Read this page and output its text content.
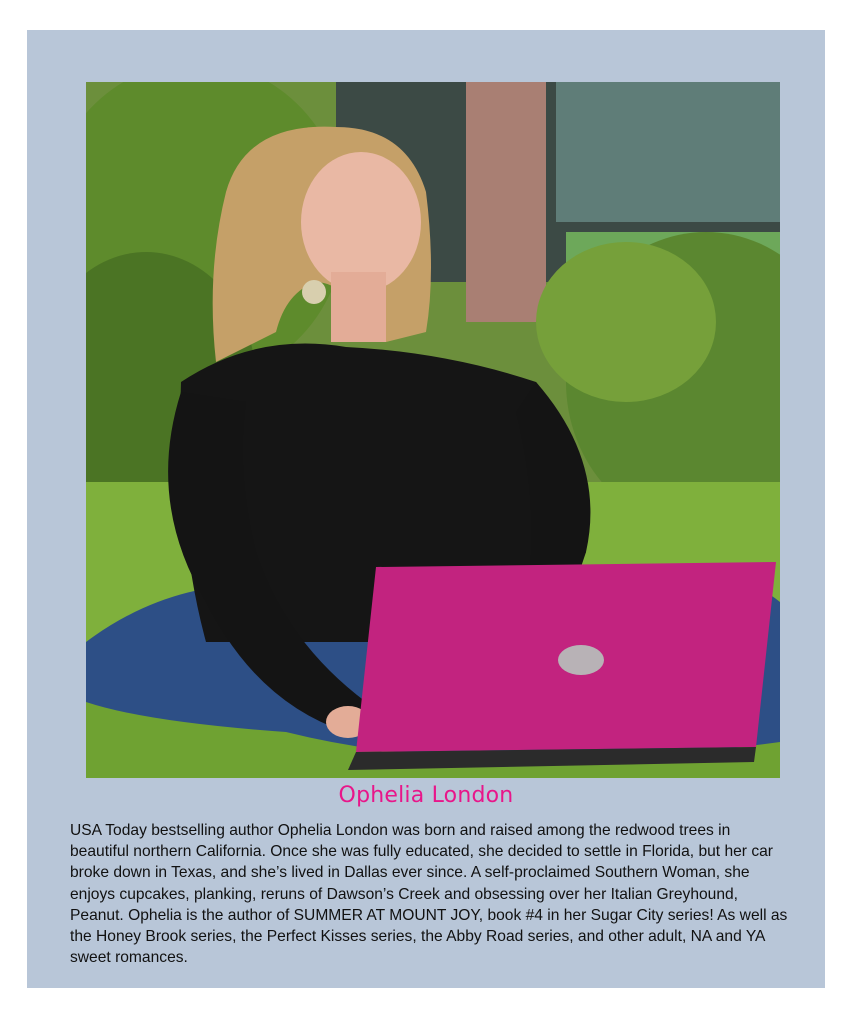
Ophelia London

USA Today bestselling author Ophelia London was born and raised among the redwood trees in beautiful northern California. Once she was fully educated, she decided to settle in Florida, but her car broke down in Texas, and she’s lived in Dallas ever since. A self-proclaimed Southern Woman, she enjoys cupcakes, planking, reruns of Dawson’s Creek and obsessing over her Italian Greyhound, Peanut. Ophelia is the author of SUMMER AT MOUNT JOY, book #4 in her Sugar City series! As well as the Honey Brook series, the Perfect Kisses series, the Abby Road series, and other adult, NA and YA sweet romances.
